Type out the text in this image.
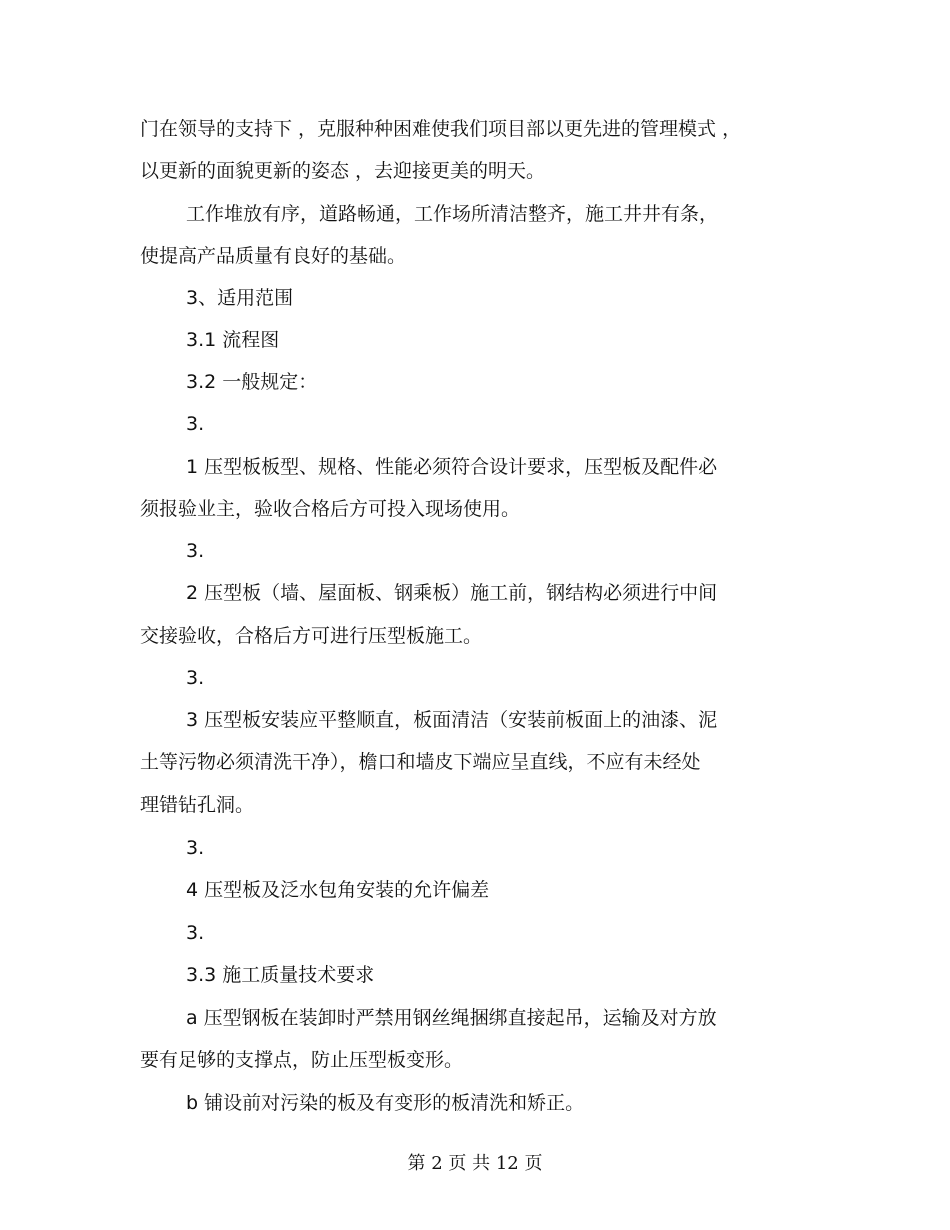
门在领导的支持下 ，克服种种困难使我们项目部以更先进的管理模式 ，
以更新的面貌更新的姿态 ，去迎接更美的明天。
工作堆放有序，道路畅通，工作场所清洁整齐，施工井井有条，
使提高产品质量有良好的基础。
3、适用范围
3.1 流程图
3.2 一般规定：
3.
1 压型板板型、规格、性能必须符合设计要求，压型板及配件必
须报验业主，验收合格后方可投入现场使用。
3.
2 压型板（墙、屋面板、钢乘板）施工前，钢结构必须进行中间
交接验收，合格后方可进行压型板施工。
3.
3 压型板安装应平整顺直，板面清洁（安装前板面上的油漆、泥
土等污物必须清洗干净），檐口和墙皮下端应呈直线，不应有未经处
理错钻孔洞。
3.
4 压型板及泛水包角安装的允许偏差
3.
3.3 施工质量技术要求
a 压型钢板在装卸时严禁用钢丝绳捆绑直接起吊，运输及对方放
要有足够的支撑点，防止压型板变形。
b 铺设前对污染的板及有变形的板清洗和矫正。
第 2 页 共 12 页
